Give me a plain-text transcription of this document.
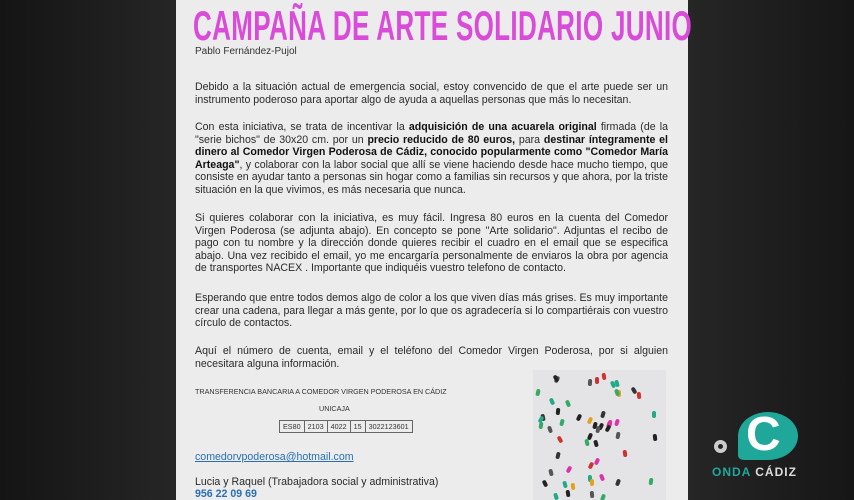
CAMPAÑA DE ARTE SOLIDARIO JUNIO
Pablo Fernández-Pujol
Debido a la situación actual de emergencia social, estoy convencido de que el arte puede ser un instrumento poderoso para aportar algo de ayuda a aquellas personas que más lo necesitan.
Con esta iniciativa, se trata de incentivar la adquisición de una acuarela original firmada (de la "serie bichos" de 30x20 cm. por un precio reducido de 80 euros, para destinar íntegramente el dinero al Comedor Virgen Poderosa de Cádiz, conocido popularmente como "Comedor María Arteaga", y colaborar con la labor social que allí se viene haciendo desde hace mucho tiempo, que consiste en ayudar tanto a personas sin hogar como a familias sin recursos y que ahora, por la triste situación en la que vivimos, es más necesaria que nunca.
Si quieres colaborar con la iniciativa, es muy fácil. Ingresa 80 euros en la cuenta del Comedor Virgen Poderosa (se adjunta abajo). En concepto se pone "Arte solidario". Adjuntas el recibo de pago con tu nombre y la dirección donde quieres recibir el cuadro en el email que se especifica abajo. Una vez recibido el email, yo me encargaría personalmente de enviaros la obra por agencia de transportes NACEX . Importante que indiquéis vuestro telefono de contacto.
Esperando que entre todos demos algo de color a los que viven días más grises. Es muy importante crear una cadena, para llegar a más gente, por lo que os agradecería si lo compartiérais con vuestro círculo de contactos.
Aquí el número de cuenta, email y el teléfono del Comedor Virgen Poderosa, por si alguien necesitara alguna información.
TRANSFERENCIA BANCARIA A COMEDOR VIRGEN PODEROSA EN CÁDIZ
UNICAJA
ES80 2103 4022 15 3022123601
comedorvpoderosa@hotmail.com
Lucia y Raquel (Trabajadora social y administrativa)
956 22 09 69
C
ONDA CÁDIZ
